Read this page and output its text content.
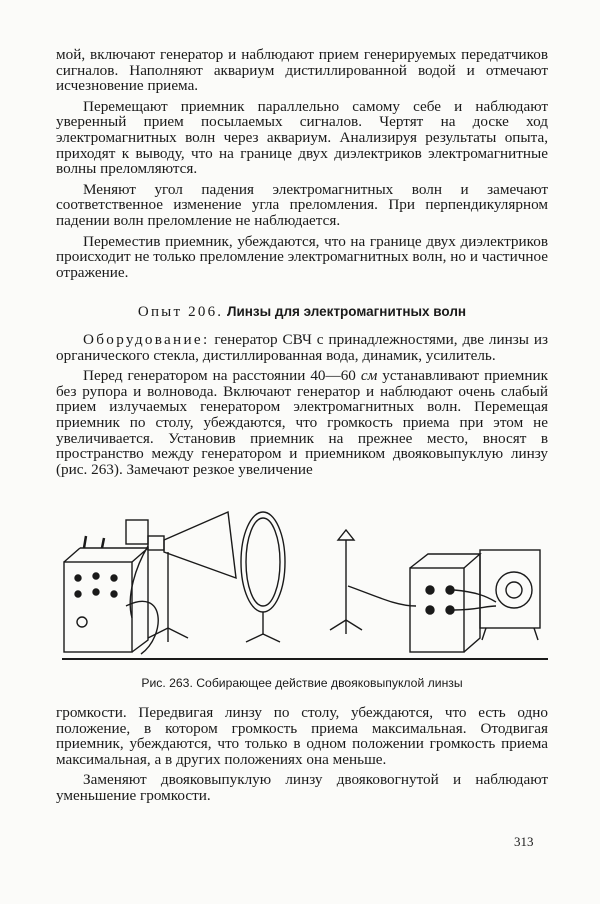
мой, включают генератор и наблюдают прием генерируемых передатчиков сигналов. Наполняют аквариум дистиллированной водой и отмечают исчезновение приема.

Перемещают приемник параллельно самому себе и наблюдают уверенный прием посылаемых сигналов. Чертят на доске ход электромагнитных волн через аквариум. Анализируя результаты опыта, приходят к выводу, что на границе двух диэлектриков электромагнитные волны преломляются.

Меняют угол падения электромагнитных волн и замечают соответственное изменение угла преломления. При перпендикулярном падении волн преломление не наблюдается.

Переместив приемник, убеждаются, что на границе двух диэлектриков происходит не только преломление электромагнитных волн, но и частичное отражение.

Опыт 206. Линзы для электромагнитных волн

Оборудование: генератор СВЧ с принадлежностями, две линзы из органического стекла, дистиллированная вода, динамик, усилитель.

Перед генератором на расстоянии 40—60 см устанавливают приемник без рупора и волновода. Включают генератор и наблюдают очень слабый прием излучаемых генератором электромагнитных волн. Перемещая приемник по столу, убеждаются, что громкость приема при этом не увеличивается. Установив приемник на прежнее место, вносят в пространство между генератором и приемником двояковыпуклую линзу (рис. 263). Замечают резкое увеличение

Рис. 263. Собирающее действие двояковыпуклой линзы

громкости. Передвигая линзу по столу, убеждаются, что есть одно положение, в котором громкость приема максимальная. Отодвигая приемник, убеждаются, что только в одном положении громкость приема максимальная, а в других положениях она меньше.

Заменяют двояковыпуклую линзу двояковогнутой и наблюдают уменьшение громкости.

313
